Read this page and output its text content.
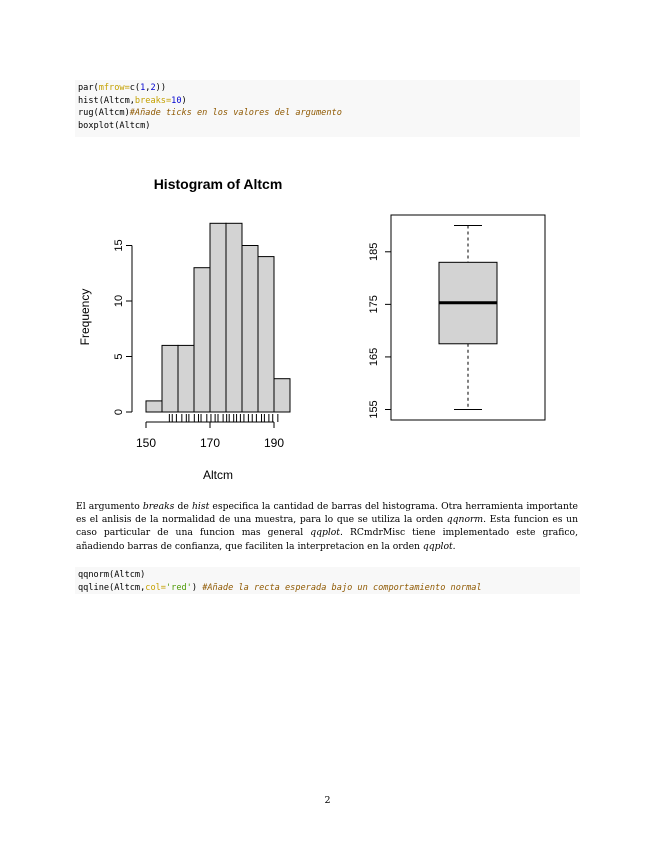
par(mfrow=c(1,2))
hist(Altcm,breaks=10)
rug(Altcm)#Añade ticks en los valores del argumento
boxplot(Altcm)
Histogram of Altcm
0
5
10
15
Frequency
150	170	190
Altcm
155
165
175
185
El argumento breaks de hist especifica la cantidad de barras del histograma. Otra herramienta importante es el anlisis de la normalidad de una muestra, para lo que se utiliza la orden qqnorm. Esta funcion es un caso particular de una funcion mas general qqplot. RCmdrMisc tiene implementado este grafico, añadiendo barras de confianza, que faciliten la interpretacion en la orden qqplot.
qqnorm(Altcm)
qqline(Altcm,col='red') #Añade la recta esperada bajo un comportamiento normal
2
